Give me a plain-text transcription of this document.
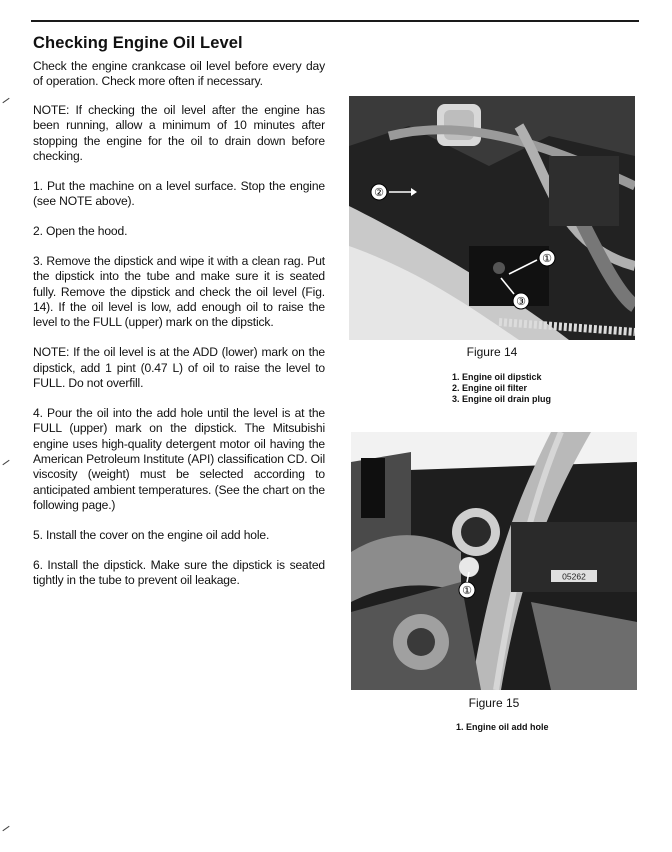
Checking Engine Oil Level

Check the engine crankcase oil level before every day of operation. Check more often if necessary.

NOTE: If checking the oil level after the engine has been running, allow a minimum of 10 minutes after stopping the engine for the oil to drain down before checking.

1. Put the machine on a level surface. Stop the engine (see NOTE above).

2. Open the hood.

3. Remove the dipstick and wipe it with a clean rag. Put the dipstick into the tube and make sure it is seated fully. Remove the dipstick and check the oil level (Fig. 14). If the oil level is low, add enough oil to raise the level to the FULL (upper) mark on the dipstick.

NOTE: If the oil level is at the ADD (lower) mark on the dipstick, add 1 pint (0.47 L) of oil to raise the level to FULL. Do not overfill.

4. Pour the oil into the add hole until the level is at the FULL (upper) mark on the dipstick. The Mitsubishi engine uses high-quality detergent motor oil having the American Petroleum Institute (API) classification CD. Oil viscosity (weight) must be selected according to anticipated ambient temperatures. (See the chart on the following page.)

5. Install the cover on the engine oil add hole.

6. Install the dipstick. Make sure the dipstick is seated tightly in the tube to prevent oil leakage.

②
①
③
Figure 14
1. Engine oil dipstick
2. Engine oil filter
3. Engine oil drain plug
05262
①
Figure 15
1. Engine oil add hole
